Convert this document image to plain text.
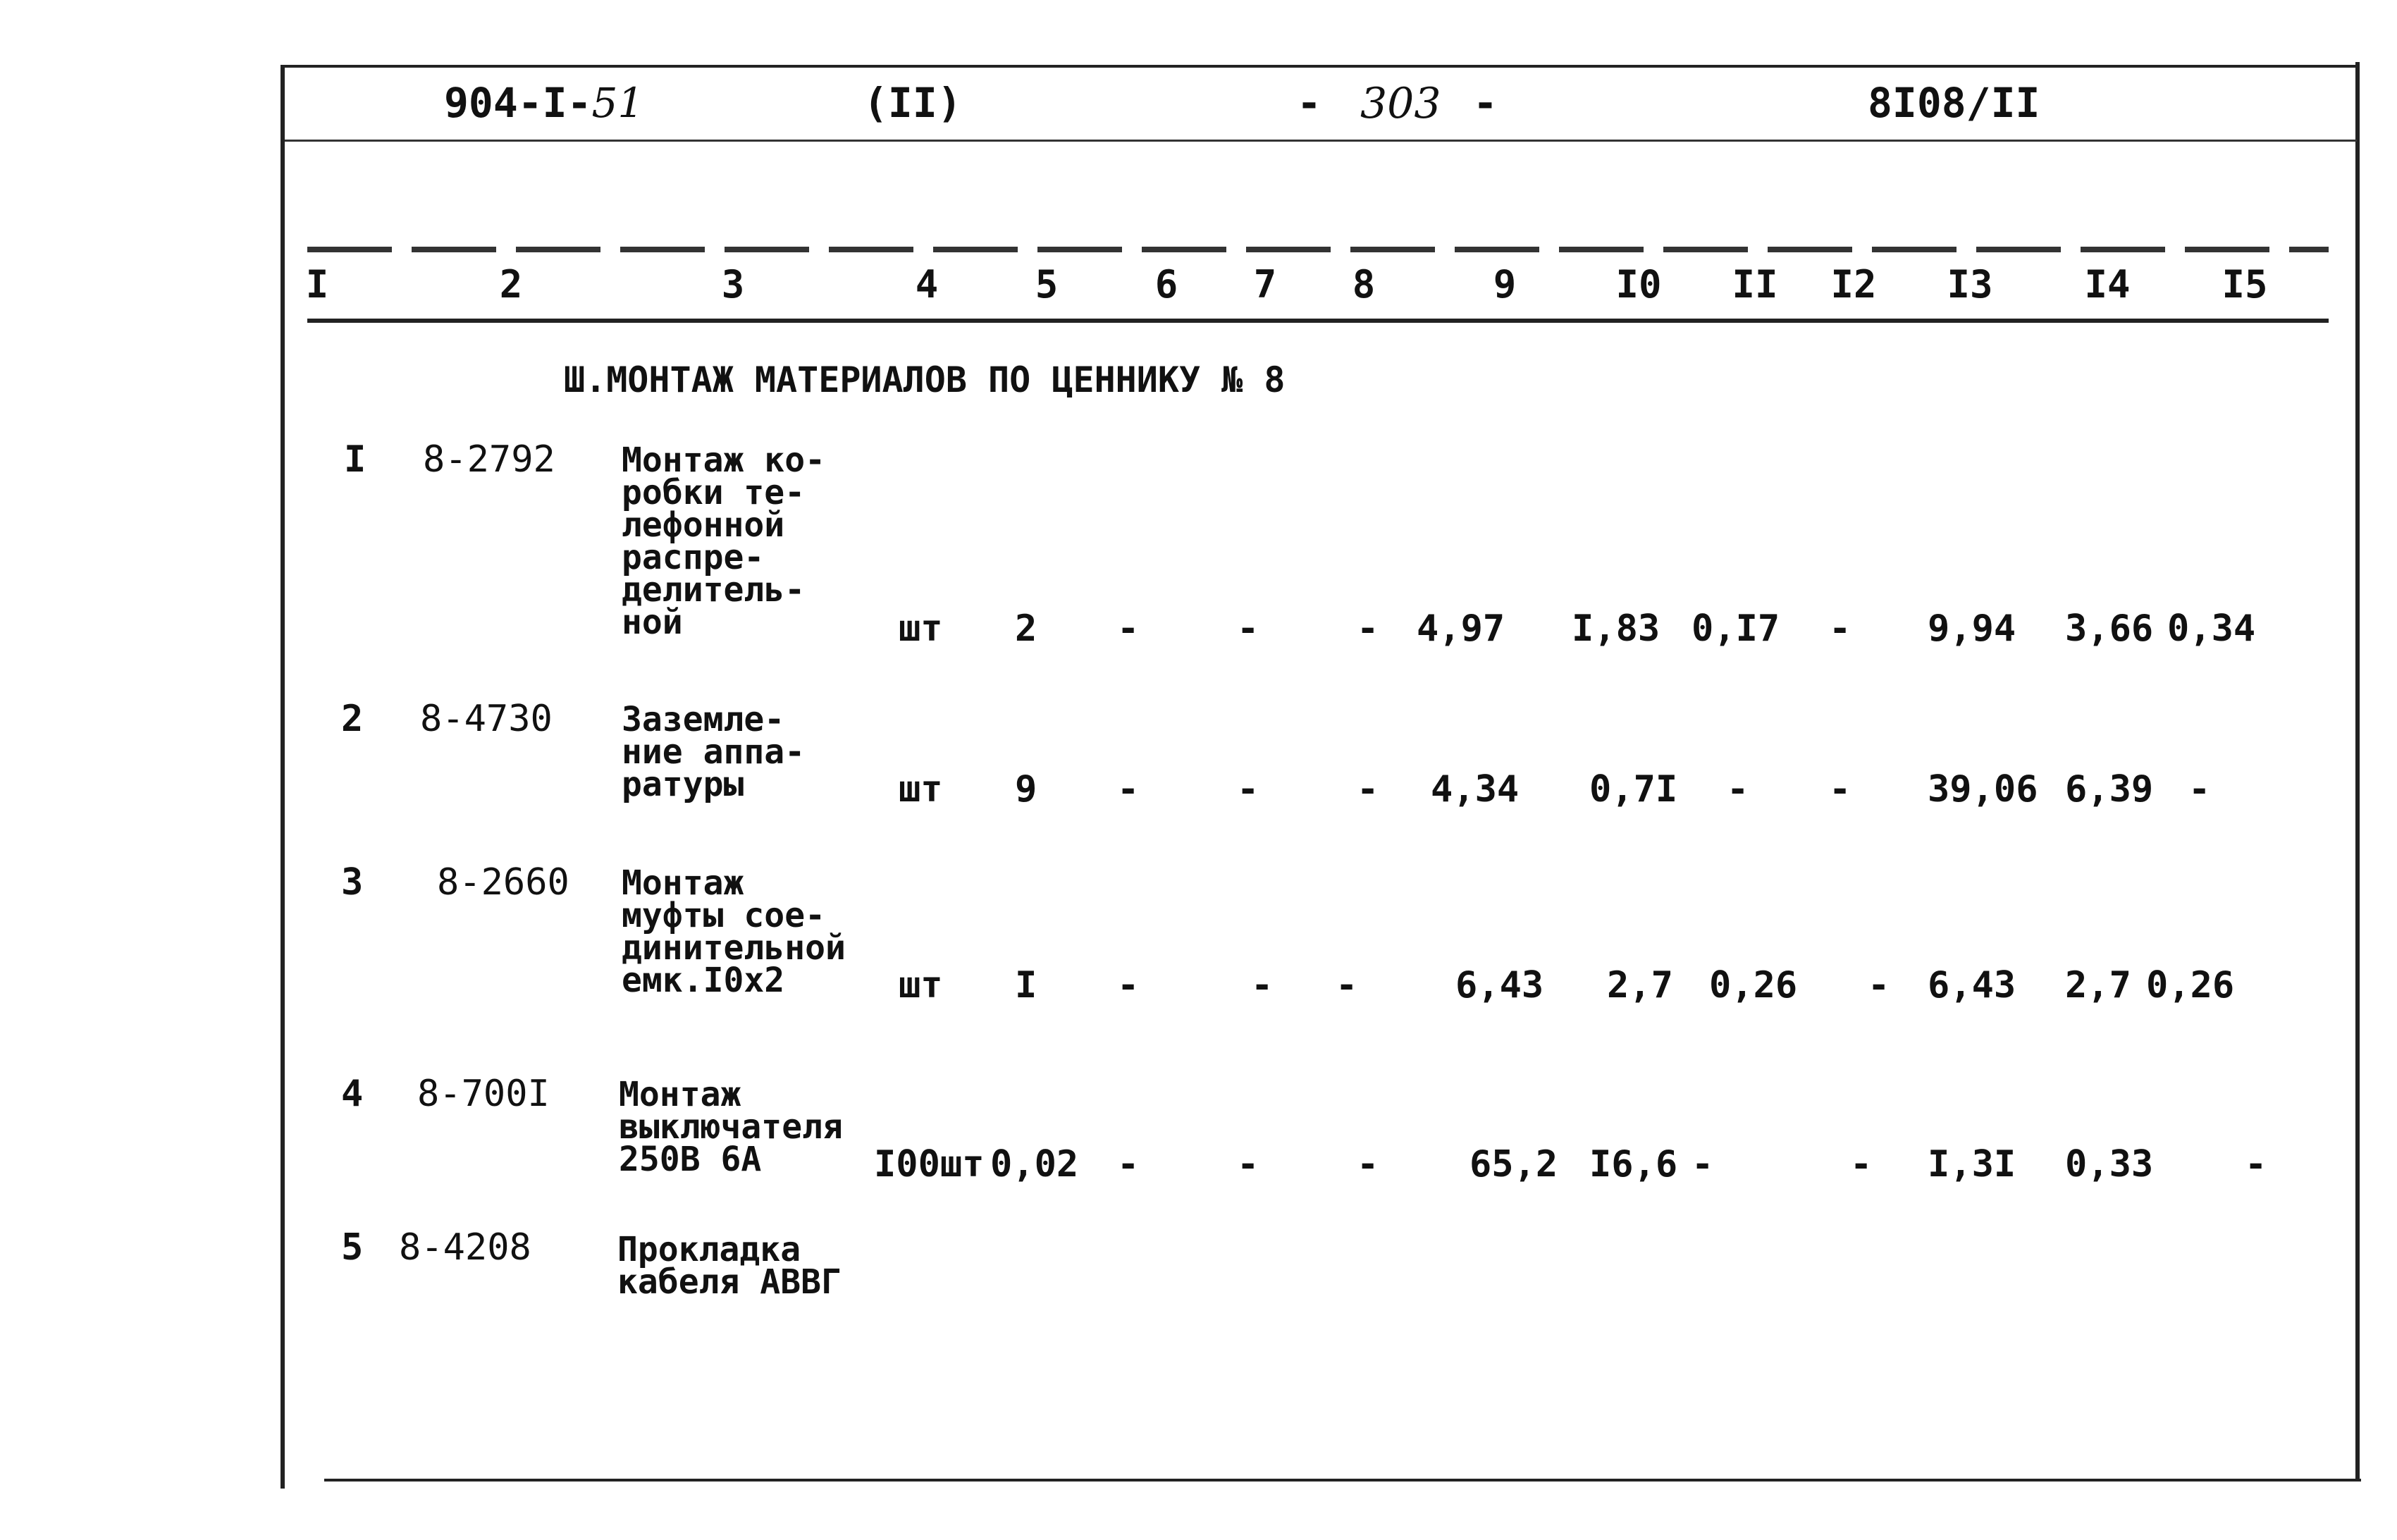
904-I-51	(II)	- 303 -	8I08/II
I	2	3	4	5	6	7	8	9	I0 II I2 I3 I4 I5
Ш.МОНТАЖ МАТЕРИАЛОВ ПО ЦЕННИКУ № 8
I 8-2792 Монтаж ко-
робки те-
лефонной
распре-
делитель-
ной	шт 2 -	-	- 4,97 I,83 0,I7 - 9,94 3,66 0,34
2 8-4730 Заземле-
ние аппа-
ратуры	шт 9 -	-	- 4,34 0,7I - - 39,06 6,39 -
3 8-2660 Монтаж
муфты сое-
динительной
емк.I0х2	шт I -	- -	6,43 2,7 0,26 - 6,43 2,7 0,26
4 8-700I Монтаж
выключателя
250В 6А	I00шт 0,02 -	-	- 65,2 I6,6 -	- I,3I 0,33 -
5 8-4208	Прокладка
кабеля АВВГ
